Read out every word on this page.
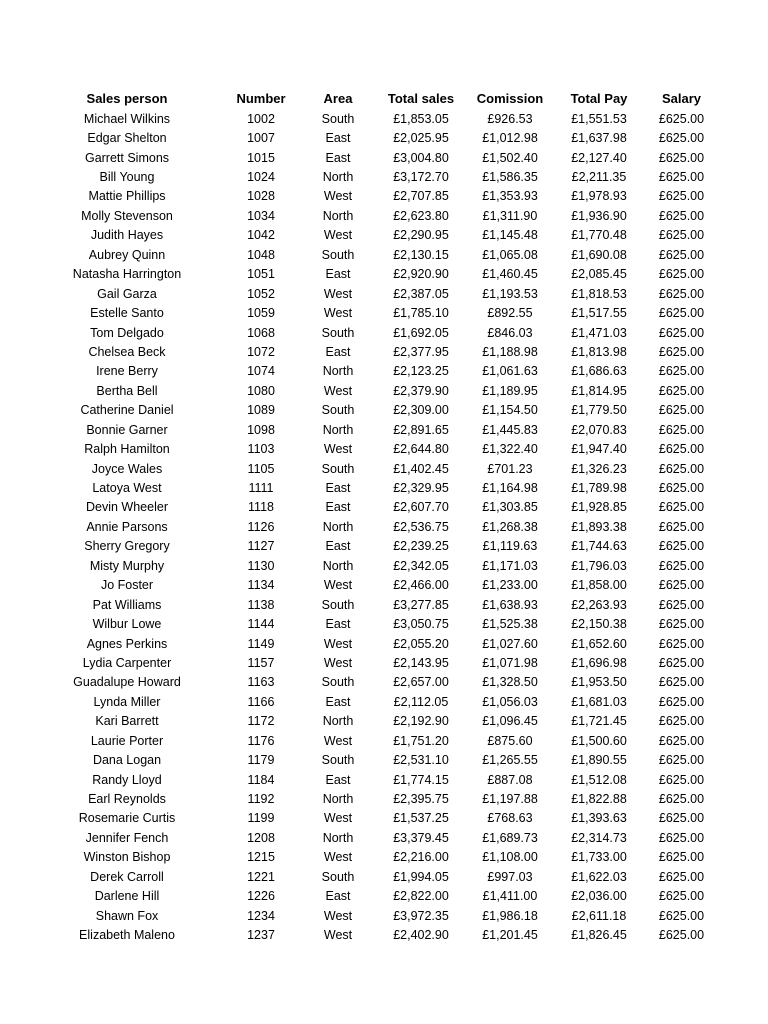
Sales person	Number	Area	Total sales	Comission	Total Pay	Salary
Michael Wilkins	1002	South	£1,853.05	£926.53	£1,551.53	£625.00
Edgar Shelton	1007	East	£2,025.95	£1,012.98	£1,637.98	£625.00
Garrett Simons	1015	East	£3,004.80	£1,502.40	£2,127.40	£625.00
Bill Young	1024	North	£3,172.70	£1,586.35	£2,211.35	£625.00
Mattie Phillips	1028	West	£2,707.85	£1,353.93	£1,978.93	£625.00
Molly Stevenson	1034	North	£2,623.80	£1,311.90	£1,936.90	£625.00
Judith Hayes	1042	West	£2,290.95	£1,145.48	£1,770.48	£625.00
Aubrey Quinn	1048	South	£2,130.15	£1,065.08	£1,690.08	£625.00
Natasha Harrington	1051	East	£2,920.90	£1,460.45	£2,085.45	£625.00
Gail Garza	1052	West	£2,387.05	£1,193.53	£1,818.53	£625.00
Estelle Santo	1059	West	£1,785.10	£892.55	£1,517.55	£625.00
Tom Delgado	1068	South	£1,692.05	£846.03	£1,471.03	£625.00
Chelsea Beck	1072	East	£2,377.95	£1,188.98	£1,813.98	£625.00
Irene Berry	1074	North	£2,123.25	£1,061.63	£1,686.63	£625.00
Bertha Bell	1080	West	£2,379.90	£1,189.95	£1,814.95	£625.00
Catherine Daniel	1089	South	£2,309.00	£1,154.50	£1,779.50	£625.00
Bonnie Garner	1098	North	£2,891.65	£1,445.83	£2,070.83	£625.00
Ralph Hamilton	1103	West	£2,644.80	£1,322.40	£1,947.40	£625.00
Joyce Wales	1105	South	£1,402.45	£701.23	£1,326.23	£625.00
Latoya West	1111	East	£2,329.95	£1,164.98	£1,789.98	£625.00
Devin Wheeler	1118	East	£2,607.70	£1,303.85	£1,928.85	£625.00
Annie Parsons	1126	North	£2,536.75	£1,268.38	£1,893.38	£625.00
Sherry Gregory	1127	East	£2,239.25	£1,119.63	£1,744.63	£625.00
Misty Murphy	1130	North	£2,342.05	£1,171.03	£1,796.03	£625.00
Jo Foster	1134	West	£2,466.00	£1,233.00	£1,858.00	£625.00
Pat Williams	1138	South	£3,277.85	£1,638.93	£2,263.93	£625.00
Wilbur Lowe	1144	East	£3,050.75	£1,525.38	£2,150.38	£625.00
Agnes Perkins	1149	West	£2,055.20	£1,027.60	£1,652.60	£625.00
Lydia Carpenter	1157	West	£2,143.95	£1,071.98	£1,696.98	£625.00
Guadalupe Howard	1163	South	£2,657.00	£1,328.50	£1,953.50	£625.00
Lynda Miller	1166	East	£2,112.05	£1,056.03	£1,681.03	£625.00
Kari Barrett	1172	North	£2,192.90	£1,096.45	£1,721.45	£625.00
Laurie Porter	1176	West	£1,751.20	£875.60	£1,500.60	£625.00
Dana Logan	1179	South	£2,531.10	£1,265.55	£1,890.55	£625.00
Randy Lloyd	1184	East	£1,774.15	£887.08	£1,512.08	£625.00
Earl Reynolds	1192	North	£2,395.75	£1,197.88	£1,822.88	£625.00
Rosemarie Curtis	1199	West	£1,537.25	£768.63	£1,393.63	£625.00
Jennifer Fench	1208	North	£3,379.45	£1,689.73	£2,314.73	£625.00
Winston Bishop	1215	West	£2,216.00	£1,108.00	£1,733.00	£625.00
Derek Carroll	1221	South	£1,994.05	£997.03	£1,622.03	£625.00
Darlene Hill	1226	East	£2,822.00	£1,411.00	£2,036.00	£625.00
Shawn Fox	1234	West	£3,972.35	£1,986.18	£2,611.18	£625.00
Elizabeth Maleno	1237	West	£2,402.90	£1,201.45	£1,826.45	£625.00
